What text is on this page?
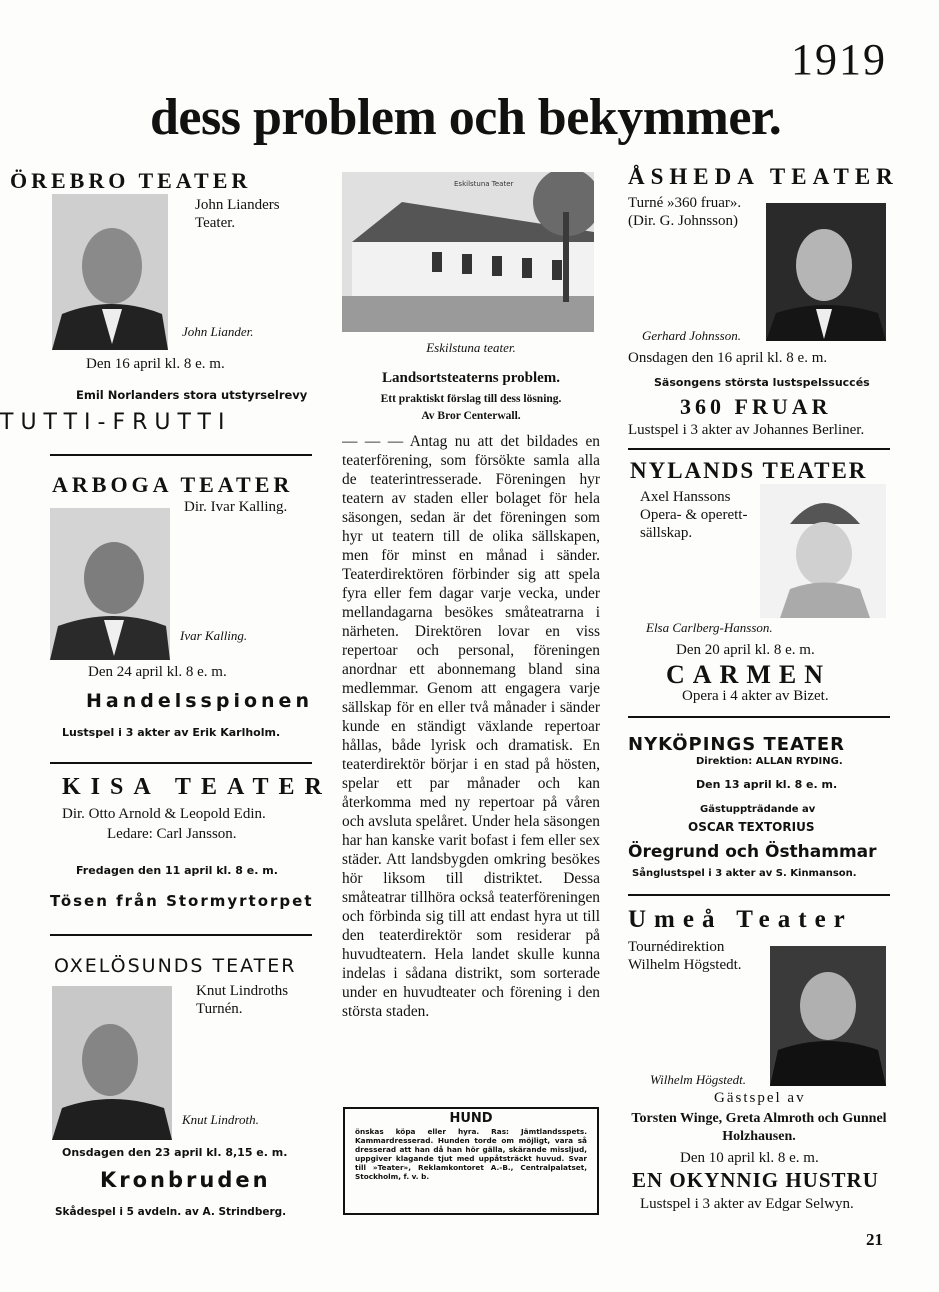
1919
dess problem och bekymmer.
ÖREBRO TEATER
John Lianders Teater.
John Liander.
Den 16 april kl. 8 e. m.
Emil Norlanders stora utstyrselrevy
TUTTI-FRUTTI
ARBOGA TEATER
Dir. Ivar Kalling.
Ivar Kalling.
Den 24 april kl. 8 e. m.
Handelsspionen
Lustspel i 3 akter av Erik Karlholm.
KISA TEATER
Dir. Otto Arnold & Leopold Edin.
Ledare: Carl Jansson.
Fredagen den 11 april kl. 8 e. m.
Tösen från Stormyrtorpet
OXELÖSUNDS TEATER
Knut Lindroths Turnén.
Knut Lindroth.
Onsdagen den 23 april kl. 8,15 e. m.
Kronbruden
Skådespel i 5 avdeln. av A. Strindberg.
Eskilstuna Teater
Eskilstuna teater.
Landsortsteaterns problem.
Ett praktiskt förslag till dess lösning.
Av Bror Centerwall.
— — — Antag nu att det bildades en teaterförening, som försökte samla alla de teaterintresserade. Föreningen hyr teatern av staden eller bolaget för hela säsongen, sedan är det föreningen som hyr ut teatern till de olika sällskapen, men för minst en månad i sänder. Teaterdirektören förbinder sig att spela fyra eller fem dagar varje vecka, under mellandagarna besökes småteatrarna i närheten. Direktören lovar en viss repertoar och personal, föreningen anordnar ett abonnemang bland sina medlemmar. Genom att engagera varje sällskap för en eller två månader i sänder kunde en ständigt växlande repertoar hållas, både lyrisk och dramatisk. En teaterdirektör börjar i en stad på hösten, spelar ett par månader och kan återkomma med ny repertoar på våren och avsluta spelåret. Under hela säsongen har han kanske varit bofast i fem eller sex städer. Att landsbygden omkring besökes hör liksom till distriktet. Dessa småteatrar tillhöra också teaterföreningen och förbinda sig till att endast hyra ut till den teaterdirektör som residerar på huvudteatern. Hela landet skulle kunna indelas i sådana distrikt, som sorterade under en huvudteater och förening i den största staden.
HUND
önskas köpa eller hyra. Ras: Jämtlandsspets. Kammardresserad. Hunden torde om möjligt, vara så dresserad att han då han hör gälla, skärande missljud, uppgiver klagande tjut med uppåtsträckt huvud. Svar till »Teater», Reklamkontoret A.-B., Centralpalatset, Stockholm, f. v. b.
ÅSHEDA TEATER
Turné »360 fruar». (Dir. G. Johnsson)
Gerhard Johnsson.
Onsdagen den 16 april kl. 8 e. m.
Säsongens största lustspelssuccés
360 FRUAR
Lustspel i 3 akter av Johannes Berliner.
NYLANDS TEATER
Axel Hanssons Opera- & operett-sällskap.
Elsa Carlberg-Hansson.
Den 20 april kl. 8 e. m.
CARMEN
Opera i 4 akter av Bizet.
NYKÖPINGS TEATER
Direktion: ALLAN RYDING.
Den 13 april kl. 8 e. m.
Gästuppträdande av
OSCAR TEXTORIUS
Öregrund och Östhammar
Sånglustspel i 3 akter av S. Kinmanson.
Umeå Teater
Tournédirektion Wilhelm Högstedt.
Wilhelm Högstedt.
Gästspel av
Torsten Winge, Greta Almroth och Gunnel Holzhausen.
Den 10 april kl. 8 e. m.
EN OKYNNIG HUSTRU
Lustspel i 3 akter av Edgar Selwyn.
21
